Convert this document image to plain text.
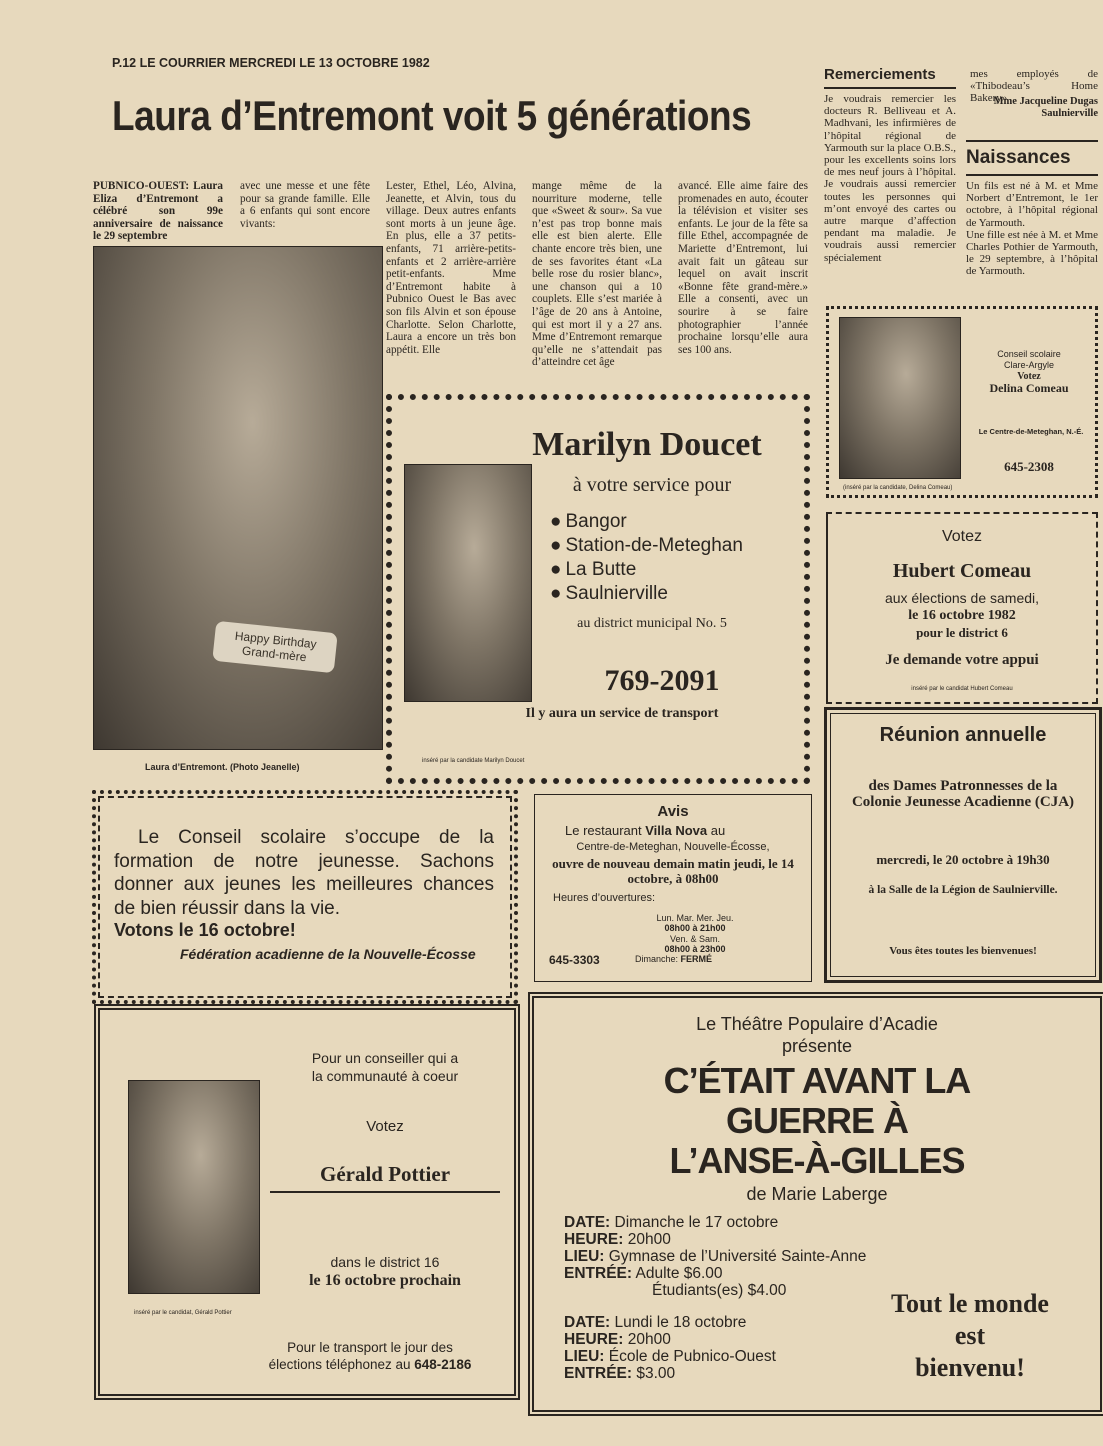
P.12 LE COURRIER MERCREDI LE 13 OCTOBRE 1982
Laura d’Entremont voit 5 générations
PUBNICO-OUEST: Laura Eliza d’Entremont a célébré son 99e anniversaire de naissance le 29 septembre
avec une messe et une fête pour sa grande famille. Elle a 6 enfants qui sont encore vivants:
Lester, Ethel, Léo, Alvina, Jeanette, et Alvin, tous du village. Deux autres enfants sont morts à un jeune âge. En plus, elle a 37 petits-enfants, 71 arrière-petits-enfants et 2 arrière-arrière petit-enfants. Mme d’Entremont habite à Pubnico Ouest le Bas avec son fils Alvin et son épouse Charlotte. Selon Charlotte, Laura a encore un très bon appétit. Elle
mange même de la nourriture moderne, telle que «Sweet & sour». Sa vue n’est pas trop bonne mais elle est bien alerte. Elle chante encore très bien, une de ses favorites étant «La belle rose du rosier blanc», une chanson qui a 10 couplets. Elle s’est mariée à l’âge de 20 ans à Antoine, qui est mort il y a 27 ans. Mme d’Entremont remarque qu’elle ne s’attendait pas d’atteindre cet âge
avancé. Elle aime faire des promenades en auto, écouter la télévision et visiter ses enfants. Le jour de la fête sa fille Ethel, accompagnée de Mariette d’Entremont, lui avait fait un gâteau sur lequel on avait inscrit «Bonne fête grand-mère.» Elle a consenti, avec un sourire à se faire photographier l’année prochaine lorsqu’elle aura ses 100 ans.
Happy Birthday Grand-mère
Laura d’Entremont. (Photo Jeanelle)
Remerciements
Je voudrais remercier les docteurs R. Belliveau et A. Madhvani, les infirmières de l’hôpital régional de Yarmouth sur la place O.B.S., pour les excellents soins lors de mes neuf jours à l’hôpital. Je voudrais aussi remercier toutes les personnes qui m’ont envoyé des cartes ou autre marque d’affection pendant ma maladie. Je voudrais aussi remercier spécialement
mes employés de «Thibodeau’s Home Bakery»
Mme Jacqueline Dugas Saulnierville
Naissances
Un fils est né à M. et Mme Norbert d’Entremont, le 1er octobre, à l’hôpital régional de Yarmouth.
Une fille est née à M. et Mme Charles Pothier de Yarmouth, le 29 septembre, à l’hôpital de Yarmouth.
Conseil scolaire
Clare-Argyle
Votez
Delina Comeau
Le Centre-de-Meteghan, N.-É.
645-2308
(inséré par la candidate, Delina Comeau)
Votez
Hubert Comeau
aux élections de samedi,
le 16 octobre 1982
pour le district 6
Je demande votre appui
inséré par le candidat Hubert Comeau
Marilyn Doucet
à votre service pour
● Bangor
● Station-de-Meteghan
● La Butte
● Saulnierville
au district municipal No. 5
769-2091
Il y aura un service de transport
inséré par la candidate Marilyn Doucet
Réunion annuelle
des Dames Patronnesses de la Colonie Jeunesse Acadienne (CJA)
mercredi, le 20 octobre à 19h30
à la Salle de la Légion de Saulnierville.
Vous êtes toutes les bienvenues!
Le Conseil scolaire s’occupe de la formation de notre jeunesse. Sachons donner aux jeunes les meilleures chances de bien réussir dans la vie.
Votons le 16 octobre!
Fédération acadienne de la Nouvelle-Écosse
Avis
Le restaurant Villa Nova au
Centre-de-Meteghan, Nouvelle-Écosse,
ouvre de nouveau demain matin jeudi, le 14 octobre, à 08h00
Heures d’ouvertures:
Lun. Mar. Mer. Jeu.
08h00 à 21h00
Ven. & Sam.
08h00 à 23h00
Dimanche: FERMÉ
645-3303
Pour un conseiller qui a
la communauté à coeur
Votez
Gérald Pottier
dans le district 16
le 16 octobre prochain
inséré par le candidat, Gérald Pottier
Pour le transport le jour des
élections téléphonez au 648-2186
Le Théâtre Populaire d’Acadie
présente
C’ÉTAIT AVANT LA
GUERRE À
L’ANSE-À-GILLES
de Marie Laberge
DATE: Dimanche le 17 octobre
HEURE: 20h00
LIEU: Gymnase de l’Université Sainte-Anne
ENTRÉE: Adulte $6.00
Étudiants(es) $4.00
DATE: Lundi le 18 octobre
HEURE: 20h00
LIEU: École de Pubnico-Ouest
ENTRÉE: $3.00
Tout le monde
est
bienvenu!
